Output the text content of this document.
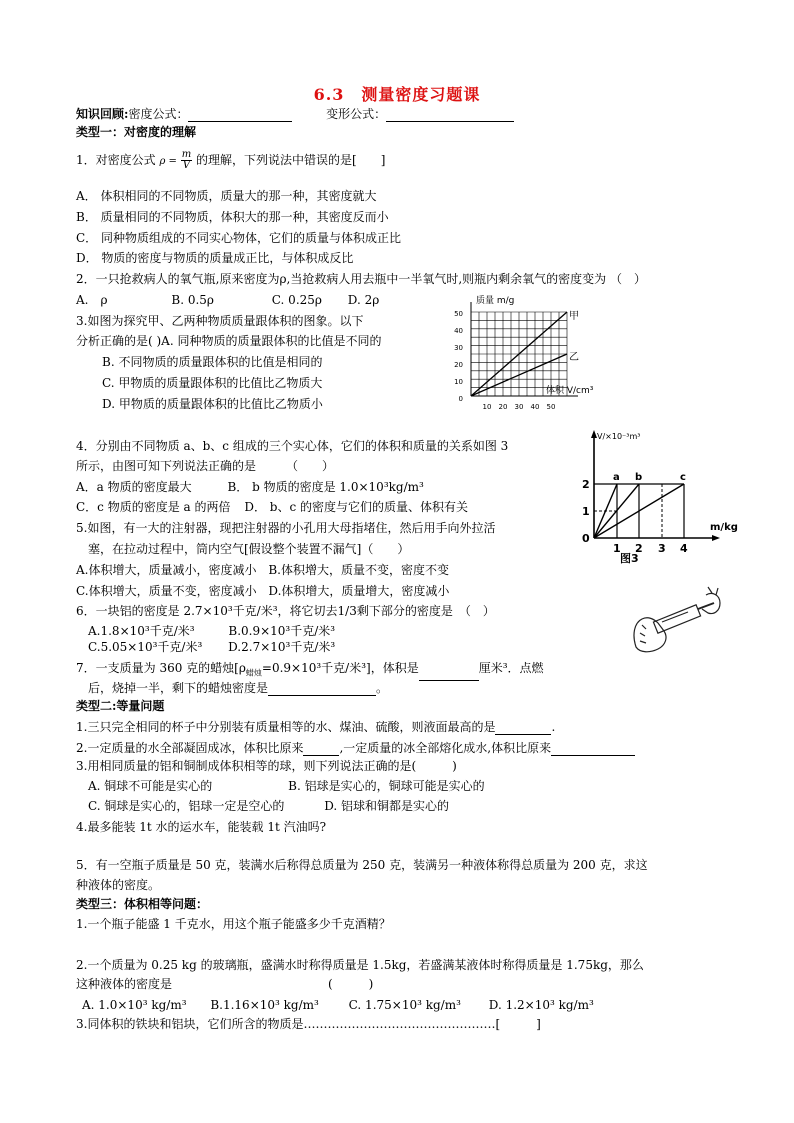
6.3　测量密度习题课
知识回顾:密度公式：	变形公式：
类型一：对密度的理解
1．对密度公式 $\rho = \frac{m}{V}$ 的理解，下列说法中错误的是[　　]
A． 体积相同的不同物质，质量大的那一种，其密度就大
B． 质量相同的不同物质，体积大的那一种，其密度反而小
C． 同种物质组成的不同实心物体，它们的质量与体积成正比
D． 物质的密度与物质的质量成正比，与体积成反比
2．一只抢救病人的氧气瓶,原来密度为ρ,当抢救病人用去瓶中一半氧气时,则瓶内剩余氧气的密度变为 （　）
A.　ρ	B. 0.5ρ	C. 0.25ρ D. 2ρ
3.如图为探究甲、乙两种物质质量跟体积的图象。以下
分析正确的是( )A. 同种物质的质量跟体积的比值是不同的
B. 不同物质的质量跟体积的比值是相同的
C. 甲物质的质量跟体积的比值比乙物质大
D. 甲物质的质量跟体积的比值比乙物质小
质量 m/g
50
40
30
20
10
0
10 20 30 40 50
体积 V/cm³
甲
乙
4．分别由不同物质 a、b、c 组成的三个实心体，它们的体积和质量的关系如图 3
所示，由图可知下列说法正确的是　　　（　　）
A．a 物质的密度最大	B． b 物质的密度是 1.0×10³kg/m³
C．c 物质的密度是 a 的两倍 D． b、c 的密度与它们的质量、体积有关
V/×10⁻³m³
2
1
0
1 2 3 4
m/kg
a b	c
图3
5.如图，有一大的注射器，现把注射器的小孔用大母指堵住，然后用手向外拉活
塞，在拉动过程中，筒内空气[假设整个装置不漏气]（　　）
A.体积增大，质量减小，密度减小 B.体积增大，质量不变，密度不变
C.体积增大，质量不变，密度减小 D.体积增大，质量增大，密度减小
6．一块铝的密度是 2.7×10³千克/米³，将它切去1/3剩下部分的密度是　（　）
A.1.8×10³千克/米³	B.0.9×10³千克/米³
C.5.05×10³千克/米³ D.2.7×10³千克/米³
7．一支质量为 360 克的蜡烛[$\rho_{蜡烛}=0.9\times 10^3$千克/米³]，体积是	厘米³．点燃
后，烧掉一半，剩下的蜡烛密度是	。
类型二:等量问题
1.三只完全相同的杯子中分别装有质量相等的水、煤油、硫酸，则液面最高的是	.
2.一定质量的水全部凝固成冰，体积比原来	,一定质量的冰全部熔化成水,体积比原来
3.用相同质量的铝和铜制成体积相等的球，则下列说法正确的是(　　　)
A. 铜球不可能是实心的	B. 铝球是实心的，铜球可能是实心的
C. 铜球是实心的，铝球一定是空心的	D. 铝球和铜都是实心的
4.最多能装 1t 水的运水车，能装载 1t 汽油吗?
5．有一空瓶子质量是 50 克，装满水后称得总质量为 250 克，装满另一种液体称得总质量为 200 克，求这
种液体的密度。
类型三：体积相等问题：
1.一个瓶子能盛 1 千克水，用这个瓶子能盛多少千克酒精？
2.一个质量为 0.25 kg 的玻璃瓶，盛满水时称得质量是 1.5kg，若盛满某液体时称得质量是 1.75kg，那么
这种液体的密度是　　　　　　　　　　　　　(　　　)
A. 1.0×10³ kg/m³ B.1.16×10³ kg/m³ C. 1.75×10³ kg/m³ D. 1.2×10³ kg/m³
3.同体积的铁块和铝块，它们所含的物质是…………………………………………[　　　]
